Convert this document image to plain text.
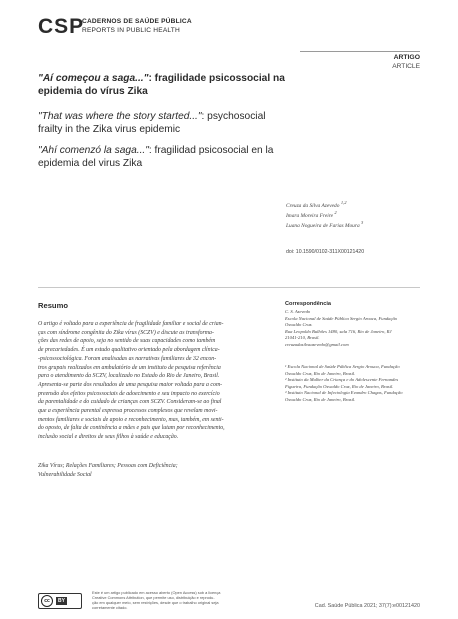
CSP
CADERNOS DE SAÚDE PÚBLICA
REPORTS IN PUBLIC HEALTH
ARTIGO
ARTICLE
"Aí começou a saga...": fragilidade psicossocial na epidemia do vírus Zika
"That was where the story started...": psychosocial frailty in the Zika virus epidemic
"Ahí comenzó la saga...": fragilidad psicosocial en la epidemia del virus Zika
Creuza da Silva Azevedo $^{1,2}$
Imara Moreira Freire $^2$
Luana Nogueira de Farias Moura $^3$
doi: 10.1590/0102-311X00121420
Resumo
O artigo é voltado para a experiência de fragilidade familiar e social de crian-
ças com síndrome congênita do Zika vírus (SCZV) e discute as transforma-
ções das redes de apoio, seja no sentido de suas capacidades como também
de precariedades. É um estudo qualitativo orientado pela abordagem clínica-
-psicossociológica. Foram analisadas as narrativas familiares de 32 encon-
tros grupais realizados em ambulatório de um instituto de pesquisa referência
para o atendimento da SCZV, localizado no Estado do Rio de Janeiro, Brasil.
Apresenta-se parte dos resultados de uma pesquisa maior voltada para a com-
preensão dos efeitos psicossociais de adoecimento e seu impacto no exercício
da parentalidade e do cuidado de crianças com SCZV. Consideram-se ao final
que a experiência parental expressa processos complexos que revelam movi-
mentos familiares e sociais de apoio e reconhecimento, mas, também, em senti-
do oposto, de falta de continência a mães e pais que lutam por reconhecimento,
inclusão social e direitos de seus filhos à saúde e educação.
Zika Vírus; Relações Familiares; Pessoas com Deficiência;
Vulnerabilidade Social
Correspondência
C. S. Azevedo
Escola Nacional de Saúde Pública Sergio Arouca, Fundação
Oswaldo Cruz.
Rua Leopoldo Bulhões 1480, sala 716, Rio de Janeiro, RJ
21041-210, Brasil.
creuzadasilvaazevedo@gmail.com
¹ Escola Nacional de Saúde Pública Sergio Arouca, Fundação
Oswaldo Cruz, Rio de Janeiro, Brasil.
² Instituto da Mulher da Criança e do Adolescente Fernandes
Figueira, Fundação Oswaldo Cruz, Rio de Janeiro, Brasil.
³ Instituto Nacional de Infectologia Evandro Chagas, Fundação
Oswaldo Cruz, Rio de Janeiro, Brasil.
cc	BY
Este é um artigo publicado em acesso aberto (Open Access) sob a licença
Creative Commons Attribution, que permite uso, distribuição e reprodu-
ção em qualquer meio, sem restrições, desde que o trabalho original seja
corretamente citado.	Cad. Saúde Pública 2021; 37(7):e00121420
